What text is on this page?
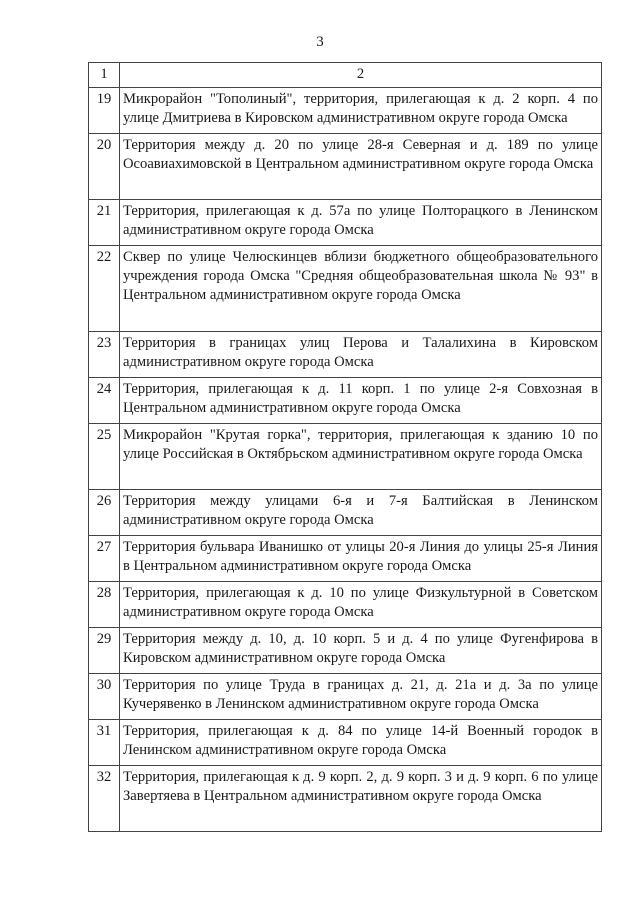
3
1	2
19	Микрорайон "Тополиный", территория, прилегающая к д. 2 корп. 4 по улице Дмитриева в Кировском административном округе города Омска
20	Территория между д. 20 по улице 28-я Северная и д. 189 по улице Осоавиахимовской в Центральном административном округе города Омска
21	Территория, прилегающая к д. 57а по улице Полторацкого в Ленинском административном округе города Омска
22	Сквер по улице Челюскинцев вблизи бюджетного общеобразовательного учреждения города Омска "Средняя общеобразовательная школа № 93" в Центральном административном округе города Омска
23	Территория в границах улиц Перова и Талалихина в Кировском административном округе города Омска
24	Территория, прилегающая к д. 11 корп. 1 по улице 2-я Совхозная в Центральном административном округе города Омска
25	Микрорайон "Крутая горка", территория, прилегающая к зданию 10 по улице Российская в Октябрьском административном округе города Омска
26	Территория между улицами 6-я и 7-я Балтийская в Ленинском административном округе города Омска
27	Территория бульвара Иванишко от улицы 20-я Линия до улицы 25-я Линия в Центральном административном округе города Омска
28	Территория, прилегающая к д. 10 по улице Физкультурной в Советском административном округе города Омска
29	Территория между д. 10, д. 10 корп. 5 и д. 4 по улице Фугенфирова в Кировском административном округе города Омска
30	Территория по улице Труда в границах д. 21, д. 21а и д. 3а по улице Кучерявенко в Ленинском административном округе города Омска
31	Территория, прилегающая к д. 84 по улице 14-й Военный городок в Ленинском административном округе города Омска
32	Территория, прилегающая к д. 9 корп. 2, д. 9 корп. 3 и д. 9 корп. 6 по улице Завертяева в Центральном административном округе города Омска
